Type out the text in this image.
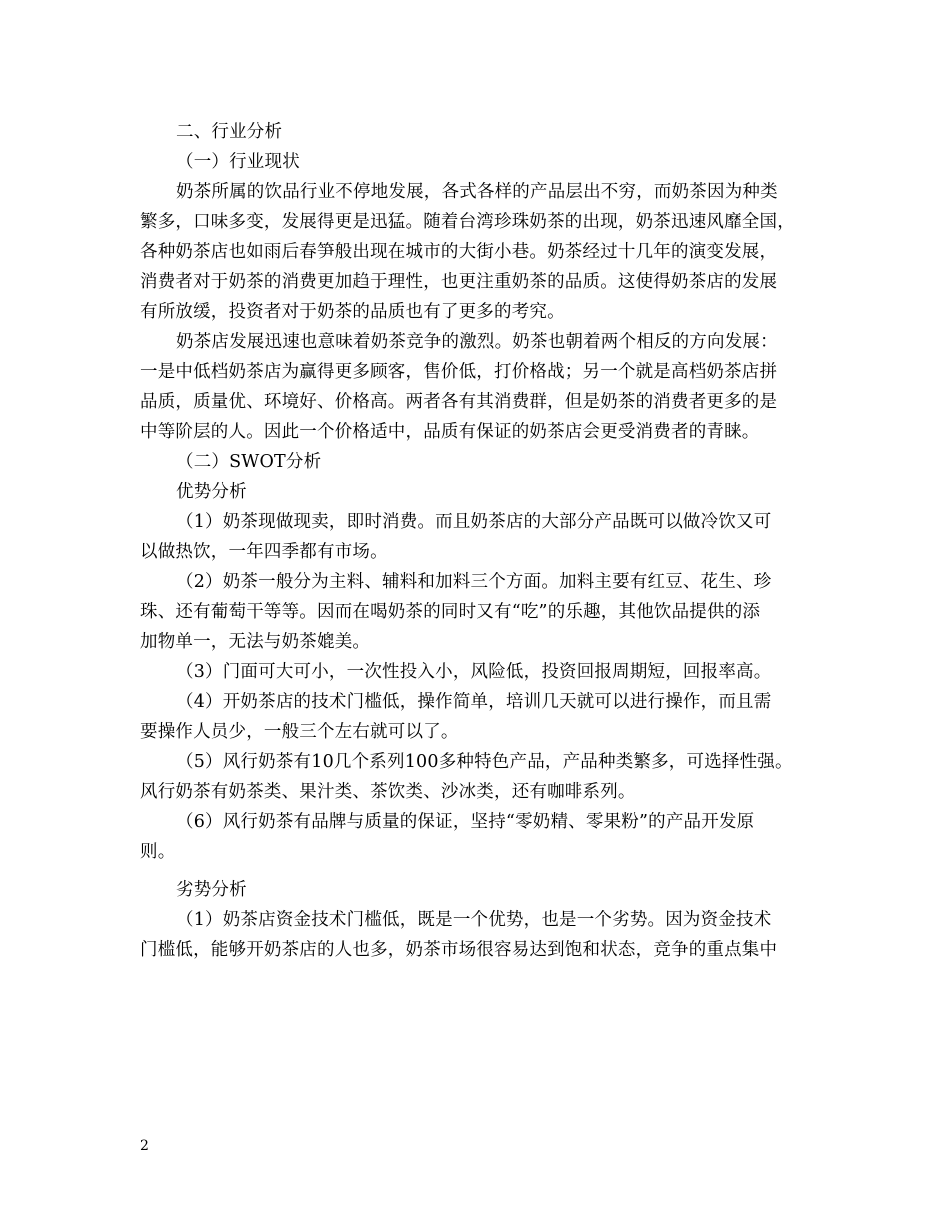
二、行业分析
（一）行业现状
奶茶所属的饮品行业不停地发展，各式各样的产品层出不穷，而奶茶因为种类
繁多，口味多变，发展得更是迅猛。随着台湾珍珠奶茶的出现，奶茶迅速风靡全国，
各种奶茶店也如雨后春笋般出现在城市的大街小巷。奶茶经过十几年的演变发展，
消费者对于奶茶的消费更加趋于理性，也更注重奶茶的品质。这使得奶茶店的发展
有所放缓，投资者对于奶茶的品质也有了更多的考究。
奶茶店发展迅速也意味着奶茶竞争的激烈。奶茶也朝着两个相反的方向发展：
一是中低档奶茶店为赢得更多顾客，售价低，打价格战；另一个就是高档奶茶店拼
品质，质量优、环境好、价格高。两者各有其消费群，但是奶茶的消费者更多的是
中等阶层的人。因此一个价格适中，品质有保证的奶茶店会更受消费者的青睐。
（二）SWOT分析
优势分析
（1）奶茶现做现卖，即时消费。而且奶茶店的大部分产品既可以做冷饮又可
以做热饮，一年四季都有市场。
（2）奶茶一般分为主料、辅料和加料三个方面。加料主要有红豆、花生、珍
珠、还有葡萄干等等。因而在喝奶茶的同时又有“吃”的乐趣，其他饮品提供的添
加物单一，无法与奶茶媲美。
（3）门面可大可小，一次性投入小，风险低，投资回报周期短，回报率高。
（4）开奶茶店的技术门槛低，操作简单，培训几天就可以进行操作，而且需
要操作人员少，一般三个左右就可以了。
（5）风行奶茶有10几个系列100多种特色产品，产品种类繁多，可选择性强。
风行奶茶有奶茶类、果汁类、茶饮类、沙冰类，还有咖啡系列。
（6）风行奶茶有品牌与质量的保证，坚持“零奶精、零果粉”的产品开发原
则。
劣势分析
（1）奶茶店资金技术门槛低，既是一个优势，也是一个劣势。因为资金技术
门槛低，能够开奶茶店的人也多，奶茶市场很容易达到饱和状态，竞争的重点集中
2
